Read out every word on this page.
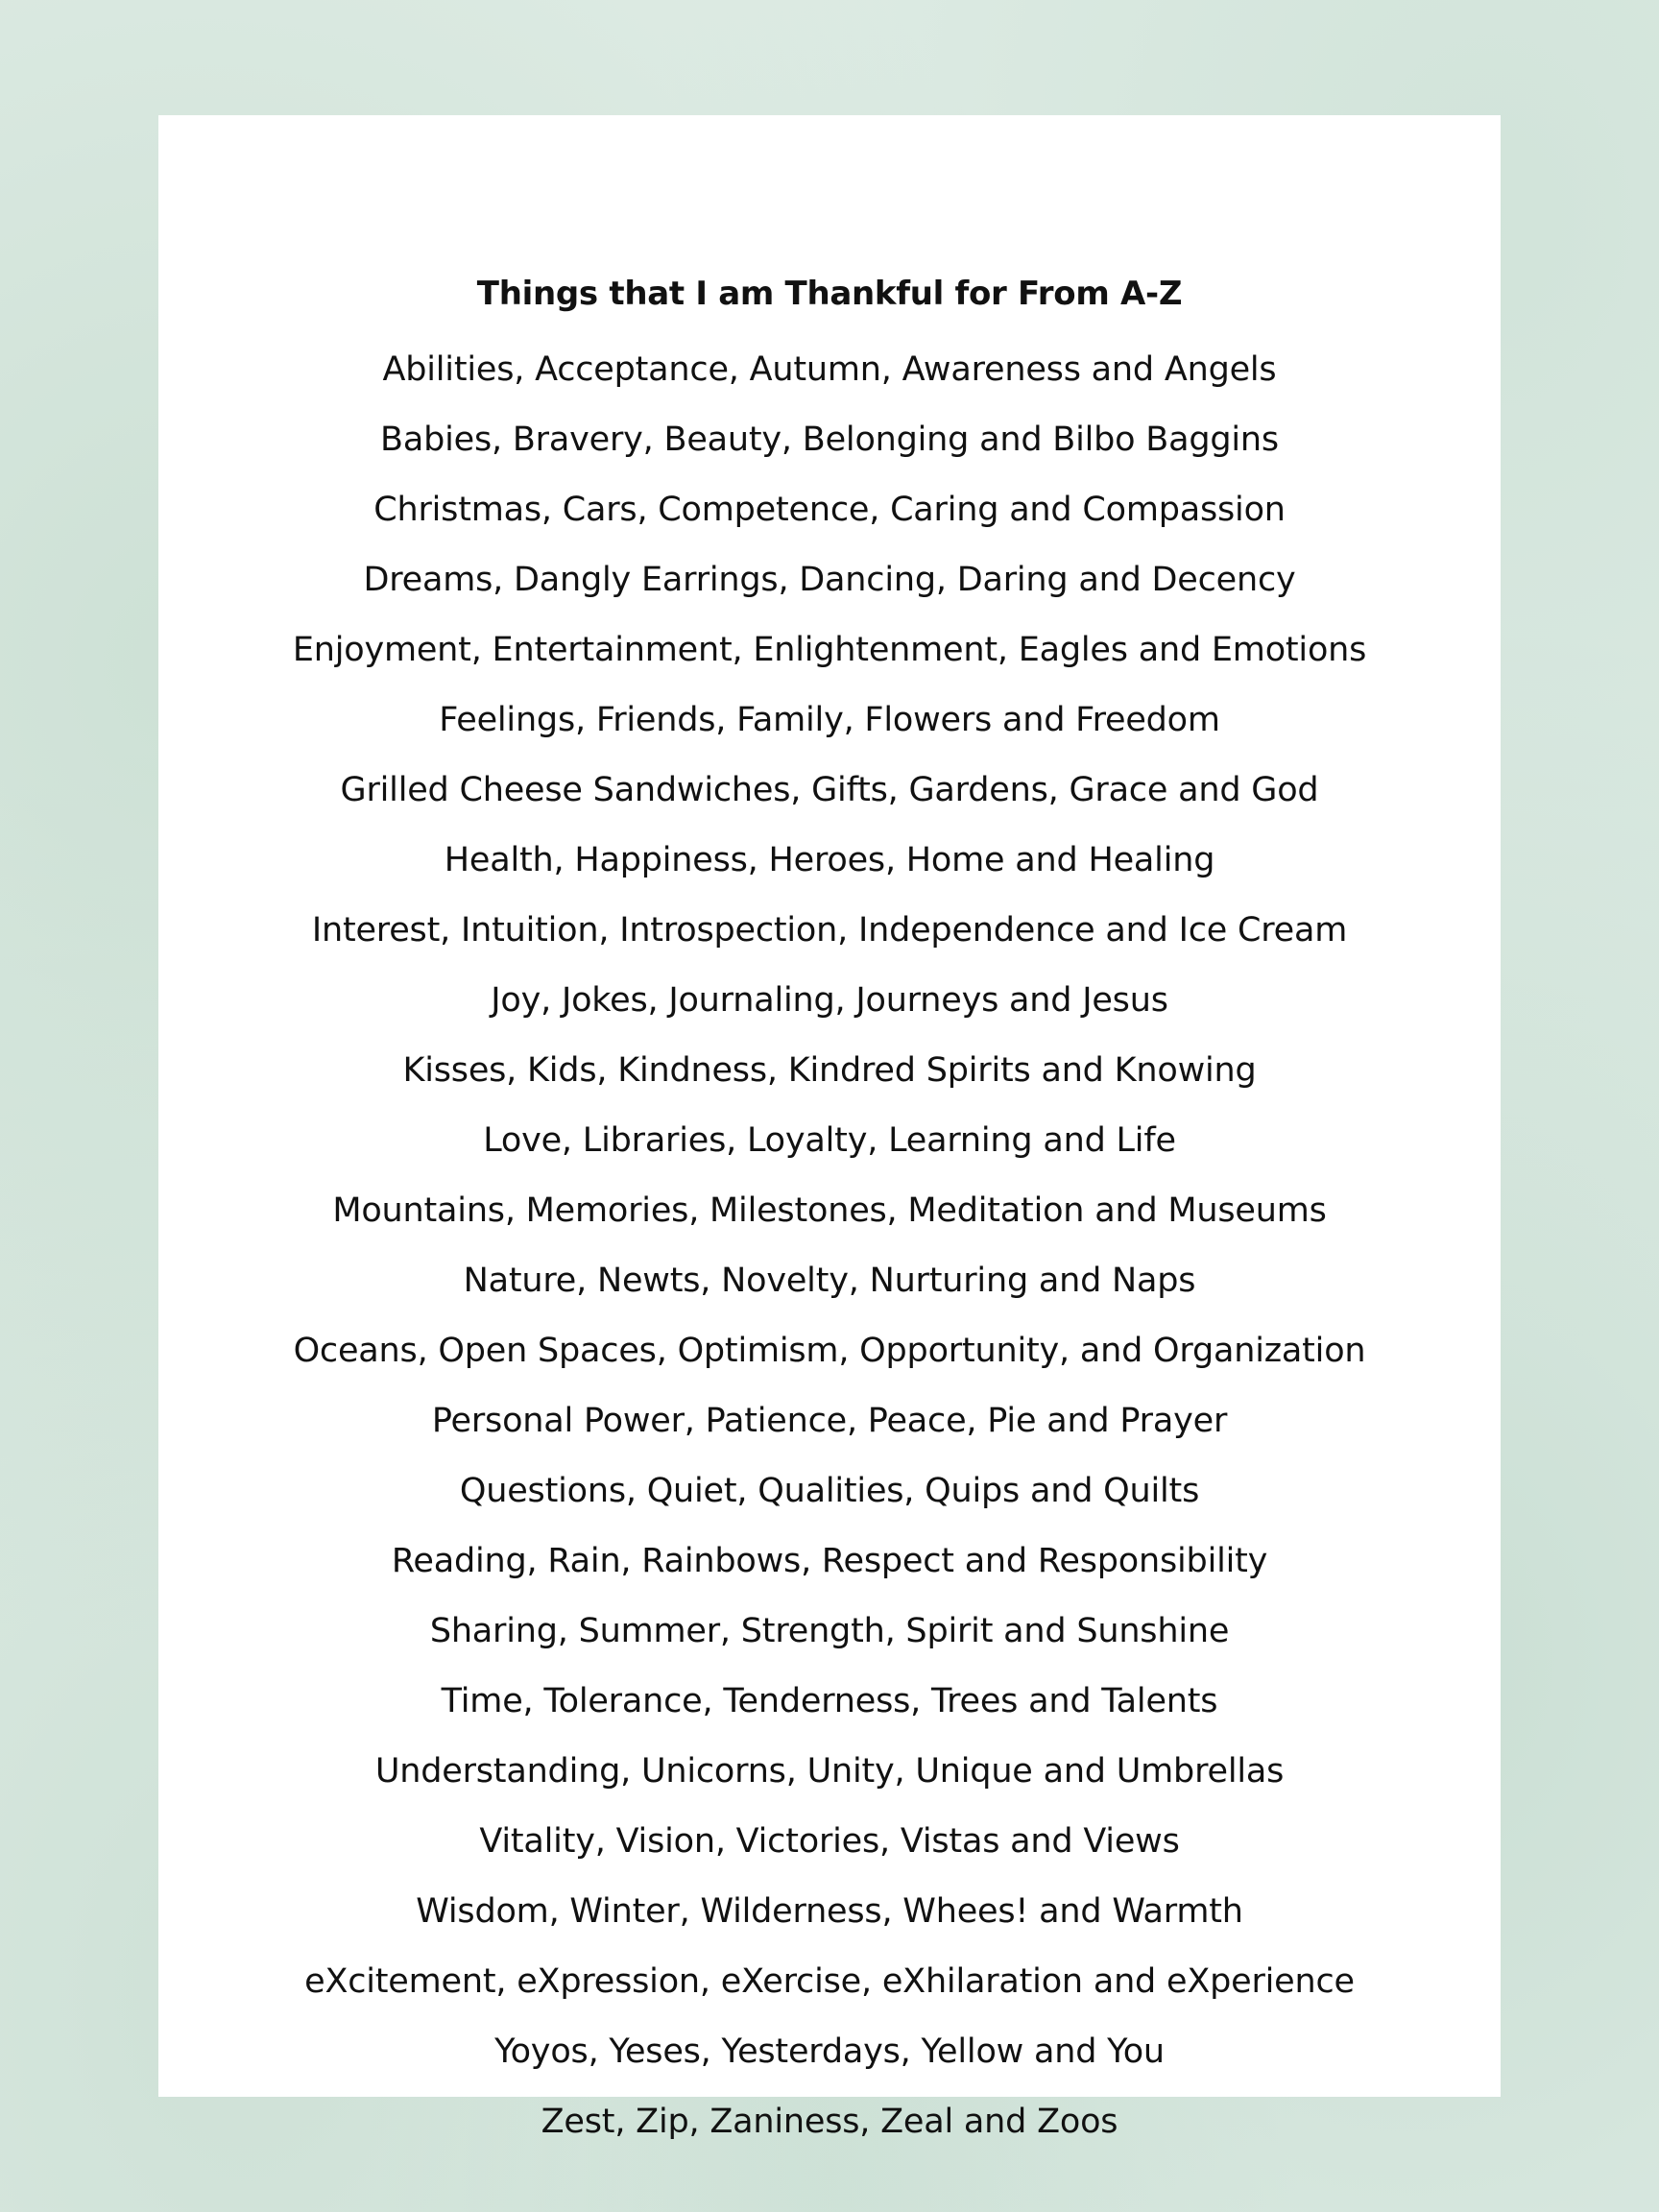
Things that I am Thankful for From A-Z
Abilities, Acceptance, Autumn, Awareness and Angels
Babies, Bravery, Beauty, Belonging and Bilbo Baggins
Christmas, Cars, Competence, Caring and Compassion
Dreams, Dangly Earrings, Dancing, Daring and Decency
Enjoyment, Entertainment, Enlightenment, Eagles and Emotions
Feelings, Friends, Family, Flowers and Freedom
Grilled Cheese Sandwiches, Gifts, Gardens, Grace and God
Health, Happiness, Heroes, Home and Healing
Interest, Intuition, Introspection, Independence and Ice Cream
Joy, Jokes, Journaling, Journeys and Jesus
Kisses, Kids, Kindness, Kindred Spirits and Knowing
Love, Libraries, Loyalty, Learning and Life
Mountains, Memories, Milestones, Meditation and Museums
Nature, Newts, Novelty, Nurturing and Naps
Oceans, Open Spaces, Optimism, Opportunity, and Organization
Personal Power, Patience, Peace, Pie and Prayer
Questions, Quiet, Qualities, Quips and Quilts
Reading, Rain, Rainbows, Respect and Responsibility
Sharing, Summer, Strength, Spirit and Sunshine
Time, Tolerance, Tenderness, Trees and Talents
Understanding, Unicorns, Unity, Unique and Umbrellas
Vitality, Vision, Victories, Vistas and Views
Wisdom, Winter, Wilderness, Whees! and Warmth
eXcitement, eXpression, eXercise, eXhilaration and eXperience
Yoyos, Yeses, Yesterdays, Yellow and You
Zest, Zip, Zaniness, Zeal and Zoos
